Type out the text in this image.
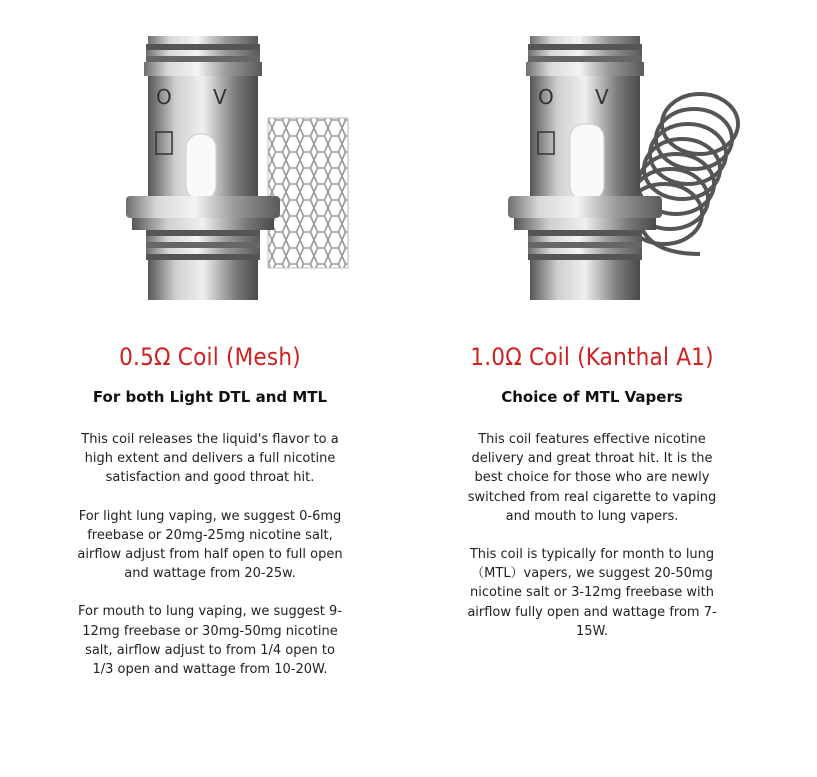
O V
0.5Ω Coil (Mesh)
For both Light DTL and MTL

This coil releases the liquid's flavor to a high extent and delivers a full nicotine satisfaction and good throat hit.

For light lung vaping, we suggest 0-6mg freebase or 20mg-25mg nicotine salt, airflow adjust from half open to full open and wattage from 20-25w.

For mouth to lung vaping, we suggest 9-12mg freebase or 30mg-50mg nicotine salt, airflow adjust to from 1/4 open to 1/3 open and wattage from 10-20W.

O V
1.0Ω Coil (Kanthal A1)
Choice of MTL Vapers

This coil features effective nicotine delivery and great throat hit. It is the best choice for those who are newly switched from real cigarette to vaping and mouth to lung vapers.

This coil is typically for month to lung（MTL）vapers, we suggest 20-50mg nicotine salt or 3-12mg freebase with airflow fully open and wattage from 7-15W.
